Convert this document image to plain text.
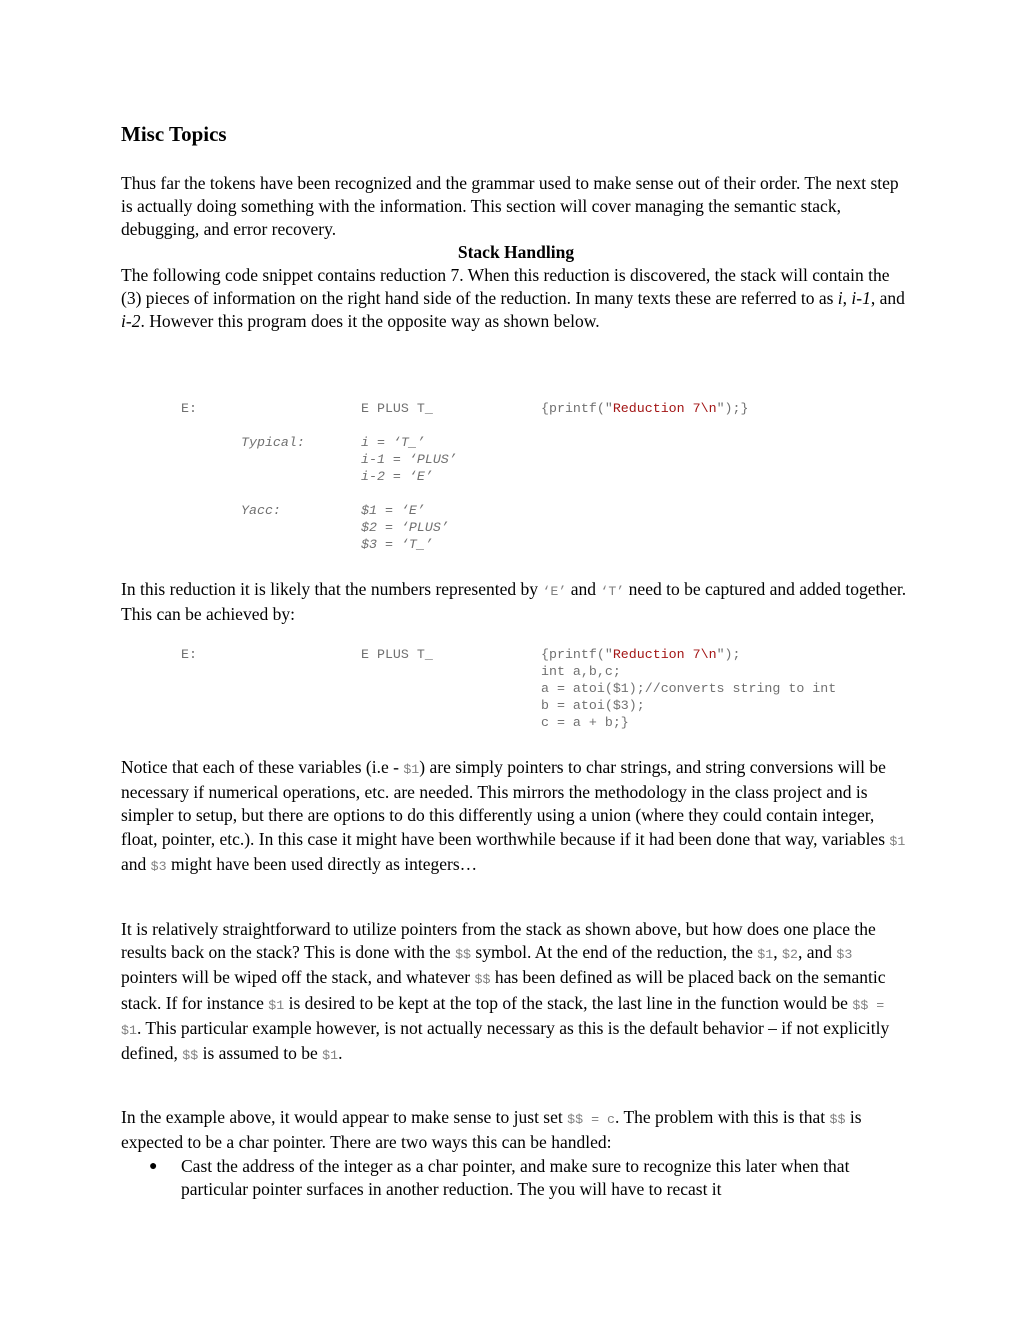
Misc Topics

Thus far the tokens have been recognized and the grammar used to make sense out of their order. The next step is actually doing something with the information. This section will cover managing the semantic stack, debugging, and error recovery.

Stack Handling

The following code snippet contains reduction 7. When this reduction is discovered, the stack will contain the (3) pieces of information on the right hand side of the reduction. In many texts these are referred to as i, i-1, and i-2. However this program does it the opposite way as shown below.

E:	E PLUS T_	{printf("Reduction 7\n");}
Typical:	i = ‘T_’
i-1 = ‘PLUS’
i-2 = ‘E’
Yacc:	$1 = ‘E’
$2 = ‘PLUS’
$3 = ‘T_’

In this reduction it is likely that the numbers represented by ‘E’ and ‘T’ need to be captured and added together. This can be achieved by:

E:	E PLUS T_	{printf("Reduction 7\n");
int a,b,c;
a = atoi($1);//converts string to int
b = atoi($3);
c = a + b;}

Notice that each of these variables (i.e - $1) are simply pointers to char strings, and string conversions will be necessary if numerical operations, etc. are needed. This mirrors the methodology in the class project and is simpler to setup, but there are options to do this differently using a union (where they could contain integer, float, pointer, etc.). In this case it might have been worthwhile because if it had been done that way, variables $1 and $3 might have been used directly as integers…

It is relatively straightforward to utilize pointers from the stack as shown above, but how does one place the results back on the stack? This is done with the $$ symbol. At the end of the reduction, the $1, $2, and $3 pointers will be wiped off the stack, and whatever $$ has been defined as will be placed back on the semantic stack. If for instance $1 is desired to be kept at the top of the stack, the last line in the function would be $$ = $1. This particular example however, is not actually necessary as this is the default behavior – if not explicitly defined, $$ is assumed to be $1.

In the example above, it would appear to make sense to just set $$ = c. The problem with this is that $$ is expected to be a char pointer. There are two ways this can be handled:

● Cast the address of the integer as a char pointer, and make sure to recognize this later when that particular pointer surfaces in another reduction. The you will have to recast it
